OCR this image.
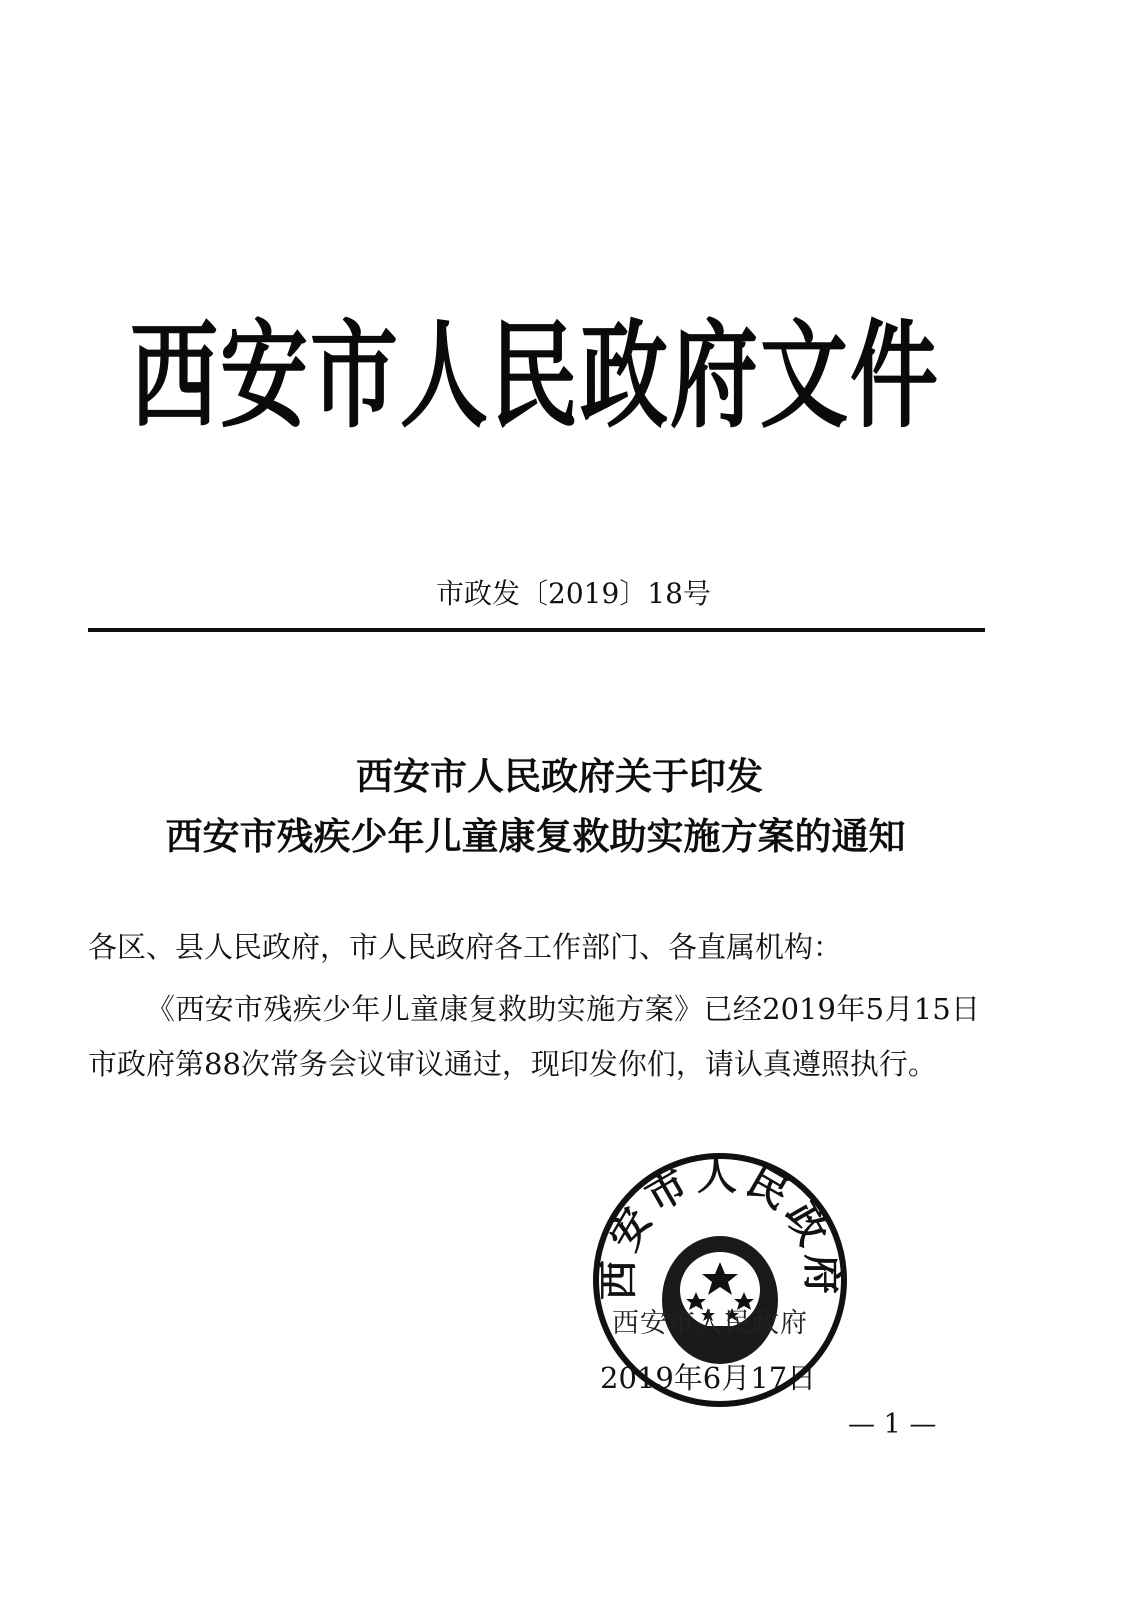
西安市人民政府文件
市政发〔2019〕18号
西安市人民政府关于印发
西安市残疾少年儿童康复救助实施方案的通知
各区、县人民政府，市人民政府各工作部门、各直属机构：
《西安市残疾少年儿童康复救助实施方案》已经2019年5月15日市政府第88次常务会议审议通过，现印发你们，请认真遵照执行。
西安市人民政府
西安市人民政府
2019年6月17日
— 1 —
